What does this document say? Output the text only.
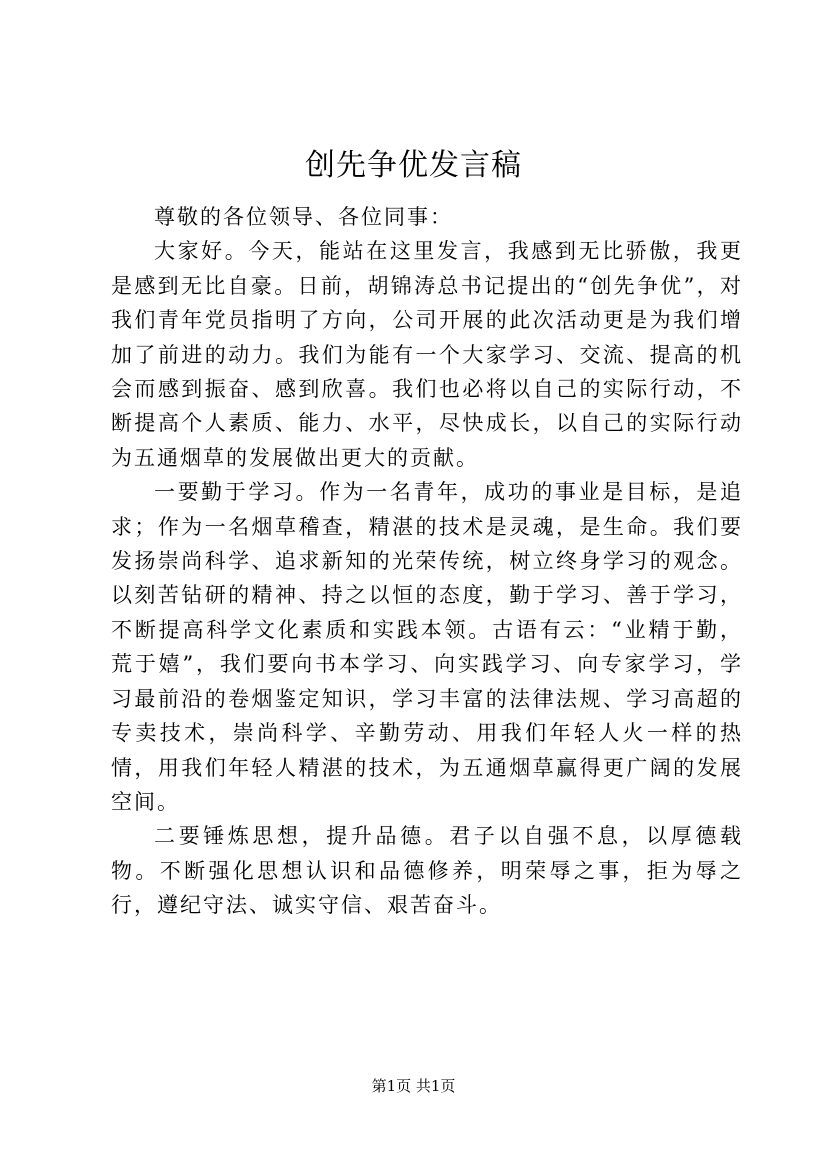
创先争优发言稿

尊敬的各位领导、各位同事：

大家好。今天，能站在这里发言，我感到无比骄傲，我更是感到无比自豪。日前，胡锦涛总书记提出的“创先争优”，对我们青年党员指明了方向，公司开展的此次活动更是为我们增加了前进的动力。我们为能有一个大家学习、交流、提高的机会而感到振奋、感到欣喜。我们也必将以自己的实际行动，不断提高个人素质、能力、水平，尽快成长，以自己的实际行动为五通烟草的发展做出更大的贡献。

一要勤于学习。作为一名青年，成功的事业是目标，是追求；作为一名烟草稽查，精湛的技术是灵魂，是生命。我们要发扬崇尚科学、追求新知的光荣传统，树立终身学习的观念。以刻苦钻研的精神、持之以恒的态度，勤于学习、善于学习，不断提高科学文化素质和实践本领。古语有云：“业精于勤，荒于嬉”，我们要向书本学习、向实践学习、向专家学习，学习最前沿的卷烟鉴定知识，学习丰富的法律法规、学习高超的专卖技术，崇尚科学、辛勤劳动、用我们年轻人火一样的热情，用我们年轻人精湛的技术，为五通烟草赢得更广阔的发展空间。

二要锤炼思想，提升品德。君子以自强不息，以厚德载物。不断强化思想认识和品德修养，明荣辱之事，拒为辱之行，遵纪守法、诚实守信、艰苦奋斗。

第1页 共1页
